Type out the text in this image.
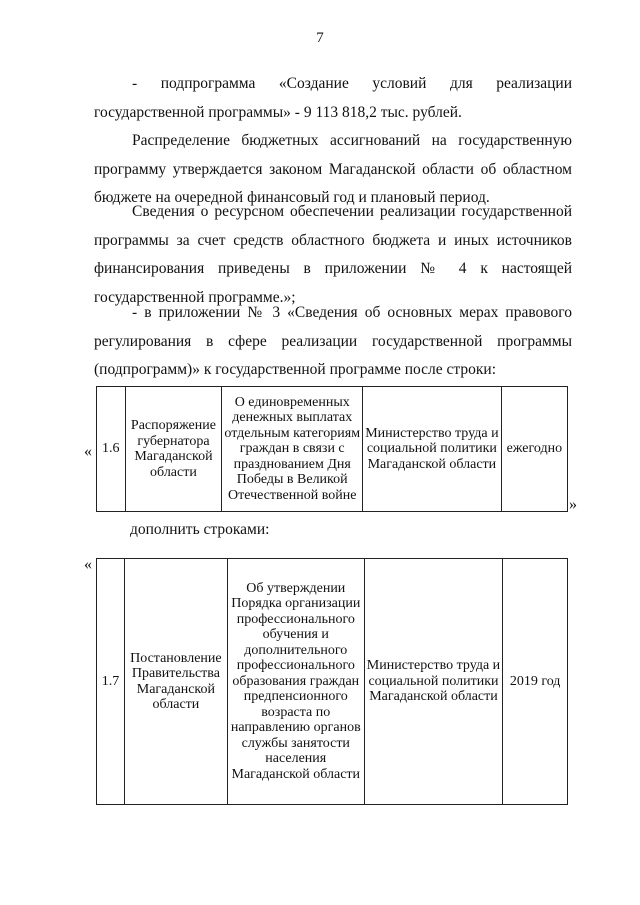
7

- подпрограмма «Создание условий для реализации государственной программы» - 9 113 818,2 тыс. рублей.

Распределение бюджетных ассигнований на государственную программу утверждается законом Магаданской области об областном бюджете на очередной финансовый год и плановый период.

Сведения о ресурсном обеспечении реализации государственной программы за счет средств областного бюджета и иных источников финансирования приведены в приложении № 4 к настоящей государственной программе.»;

- в приложении № 3 «Сведения об основных мерах правового регулирования в сфере реализации государственной программы (подпрограмм)» к государственной программе после строки:

« 1.6	Распоряжение губернатора Магаданской области	О единовременных денежных выплатах отдельным категориям граждан в связи с празднованием Дня Победы в Великой Отечественной войне	Министерство труда и социальной политики Магаданской области	ежегодно
»
дополнить строками:
«
1.7	Постановление Правительства Магаданской области	Об утверждении Порядка организации профессионального обучения и дополнительного профессионального образования граждан предпенсионного возраста по направлению органов службы занятости населения Магаданской области	Министерство труда и социальной политики Магаданской области	2019 год
